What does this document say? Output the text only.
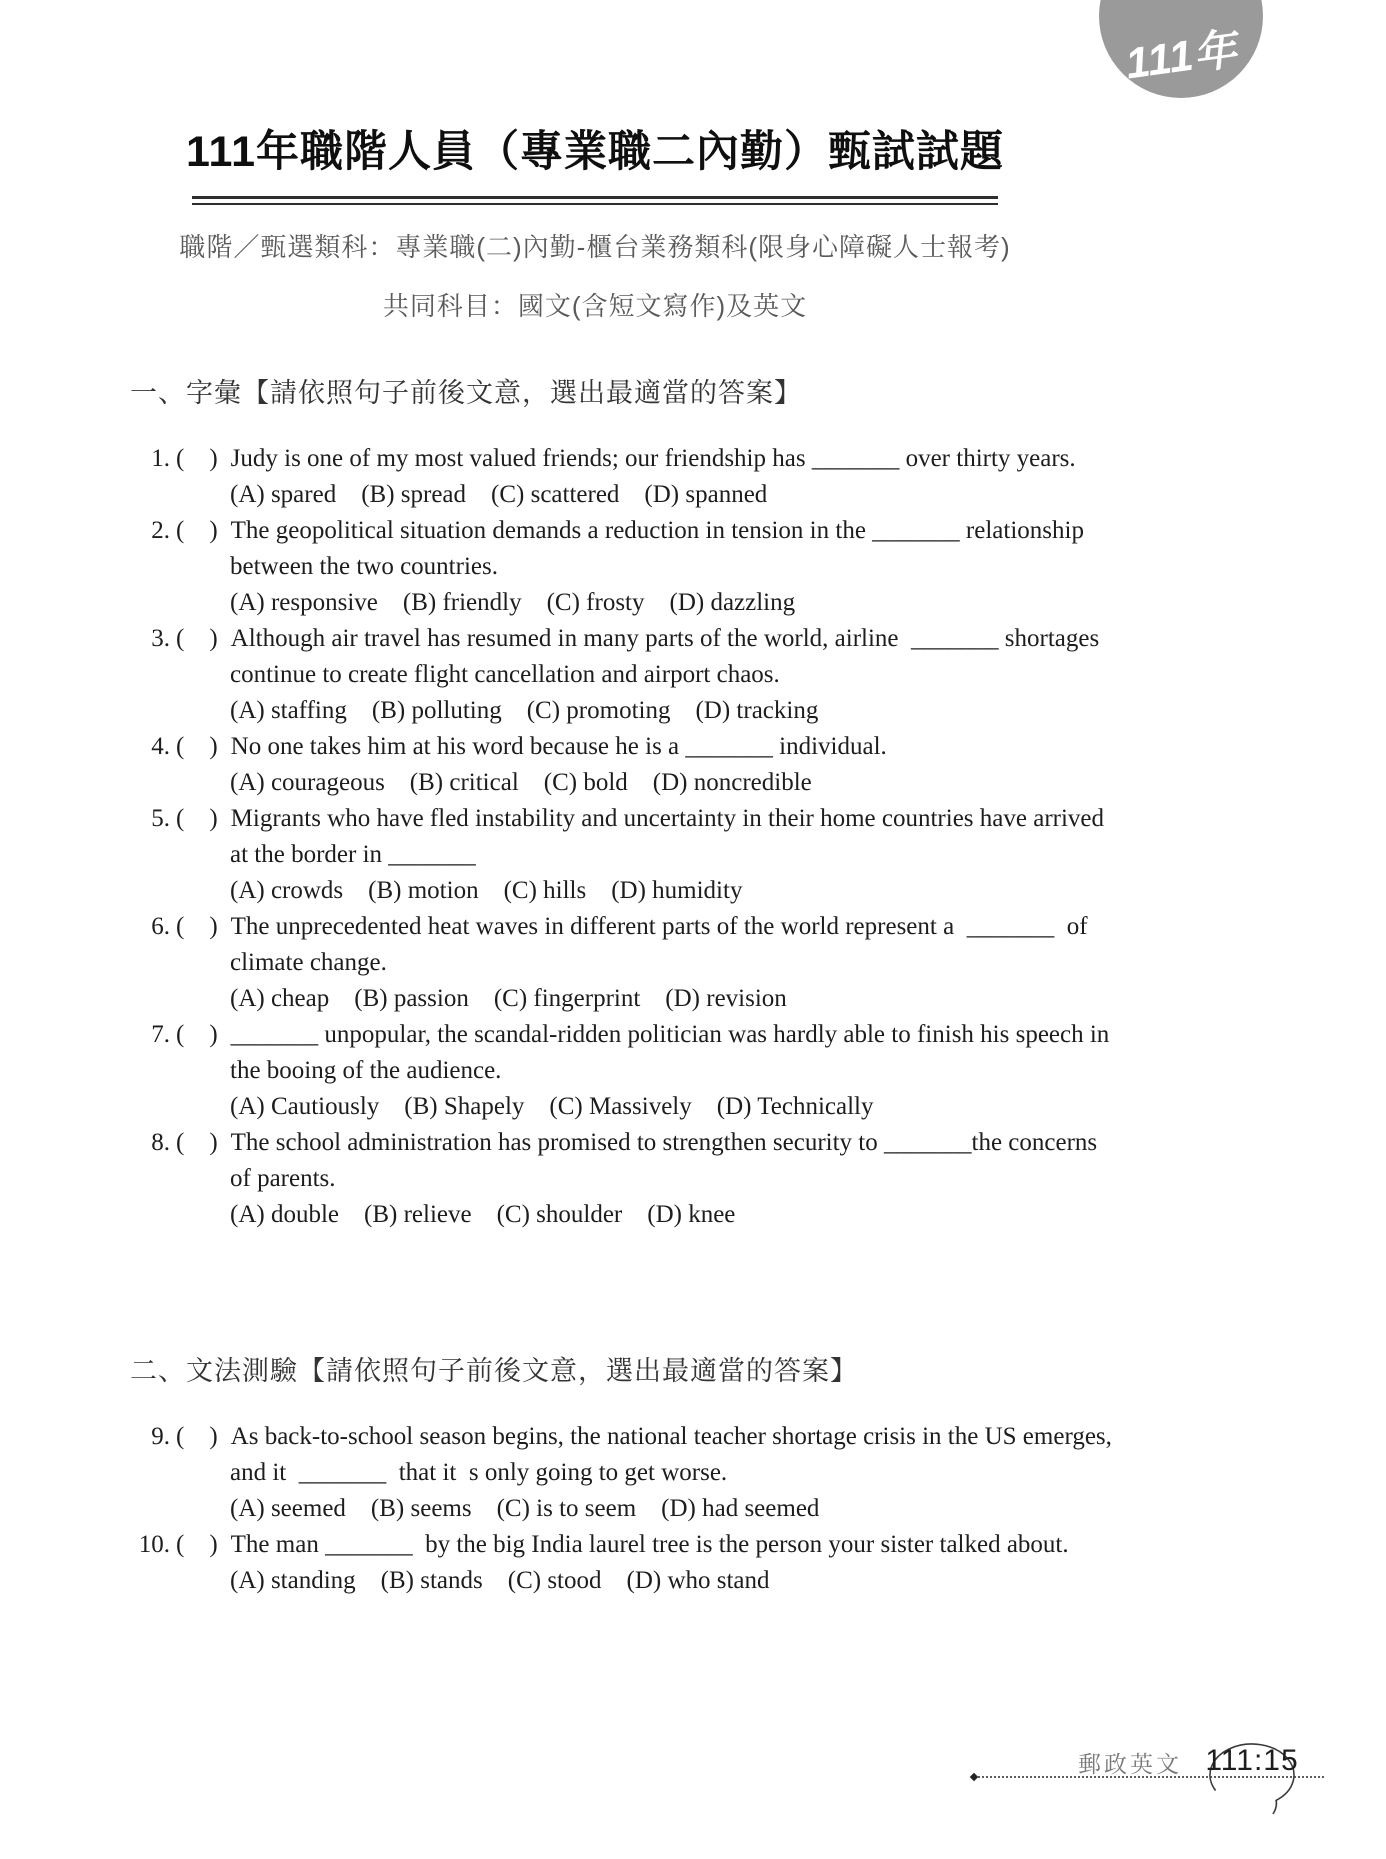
111年
111年職階人員（專業職二內勤）甄試試題
職階／甄選類科：專業職(二)內勤-櫃台業務類科(限身心障礙人士報考)
共同科目：國文(含短文寫作)及英文
一、字彙【請依照句子前後文意，選出最適當的答案】
1. (  ) Judy is one of my most valued friends; our friendship has _______ over thirty years.
(A) spared    (B) spread    (C) scattered    (D) spanned
2. (  ) The geopolitical situation demands a reduction in tension in the _______ relationship
between the two countries.
(A) responsive    (B) friendly    (C) frosty    (D) dazzling
3. (  ) Although air travel has resumed in many parts of the world, airline  _______ shortages
continue to create flight cancellation and airport chaos.
(A) staffing    (B) polluting    (C) promoting    (D) tracking
4. (  ) No one takes him at his word because he is a _______ individual.
(A) courageous    (B) critical    (C) bold    (D) noncredible
5. (  ) Migrants who have fled instability and uncertainty in their home countries have arrived
at the border in _______
(A) crowds    (B) motion    (C) hills    (D) humidity
6. (  ) The unprecedented heat waves in different parts of the world represent a  _______  of
climate change.
(A) cheap    (B) passion    (C) fingerprint    (D) revision
7. (  ) _______ unpopular, the scandal-ridden politician was hardly able to finish his speech in
the booing of the audience.
(A) Cautiously    (B) Shapely    (C) Massively    (D) Technically
8. (  ) The school administration has promised to strengthen security to _______the concerns
of parents.
(A) double    (B) relieve    (C) shoulder    (D) knee
二、文法測驗【請依照句子前後文意，選出最適當的答案】
9. (  ) As back-to-school season begins, the national teacher shortage crisis in the US emerges,
and it  _______  that it  s only going to get worse.
(A) seemed    (B) seems    (C) is to seem    (D) had seemed
10. (  ) The man _______  by the big India laurel tree is the person your sister talked about.
(A) standing    (B) stands    (C) stood    (D) who stand
郵政英文 111:15
